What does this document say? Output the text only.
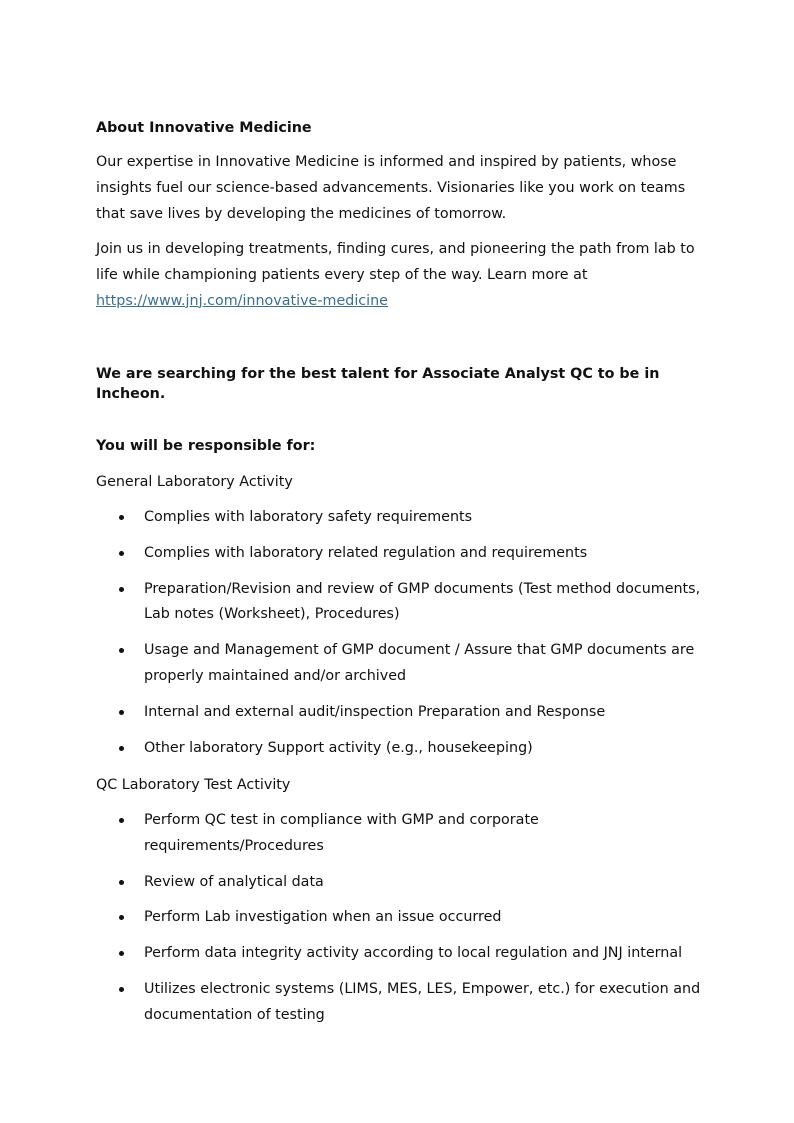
About Innovative Medicine

Our expertise in Innovative Medicine is informed and inspired by patients, whose insights fuel our science-based advancements. Visionaries like you work on teams that save lives by developing the medicines of tomorrow.

Join us in developing treatments, finding cures, and pioneering the path from lab to life while championing patients every step of the way. Learn more at
https://www.jnj.com/innovative-medicine

We are searching for the best talent for Associate Analyst QC to be in Incheon.
You will be responsible for:

General Laboratory Activity

Complies with laboratory safety requirements
Complies with laboratory related regulation and requirements
Preparation/Revision and review of GMP documents (Test method documents, Lab notes (Worksheet), Procedures)
Usage and Management of GMP document / Assure that GMP documents are properly maintained and/or archived
Internal and external audit/inspection Preparation and Response
Other laboratory Support activity (e.g., housekeeping)

QC Laboratory Test Activity

Perform QC test in compliance with GMP and corporate requirements/Procedures
Review of analytical data
Perform Lab investigation when an issue occurred
Perform data integrity activity according to local regulation and JNJ internal
Utilizes electronic systems (LIMS, MES, LES, Empower, etc.) for execution and documentation of testing
